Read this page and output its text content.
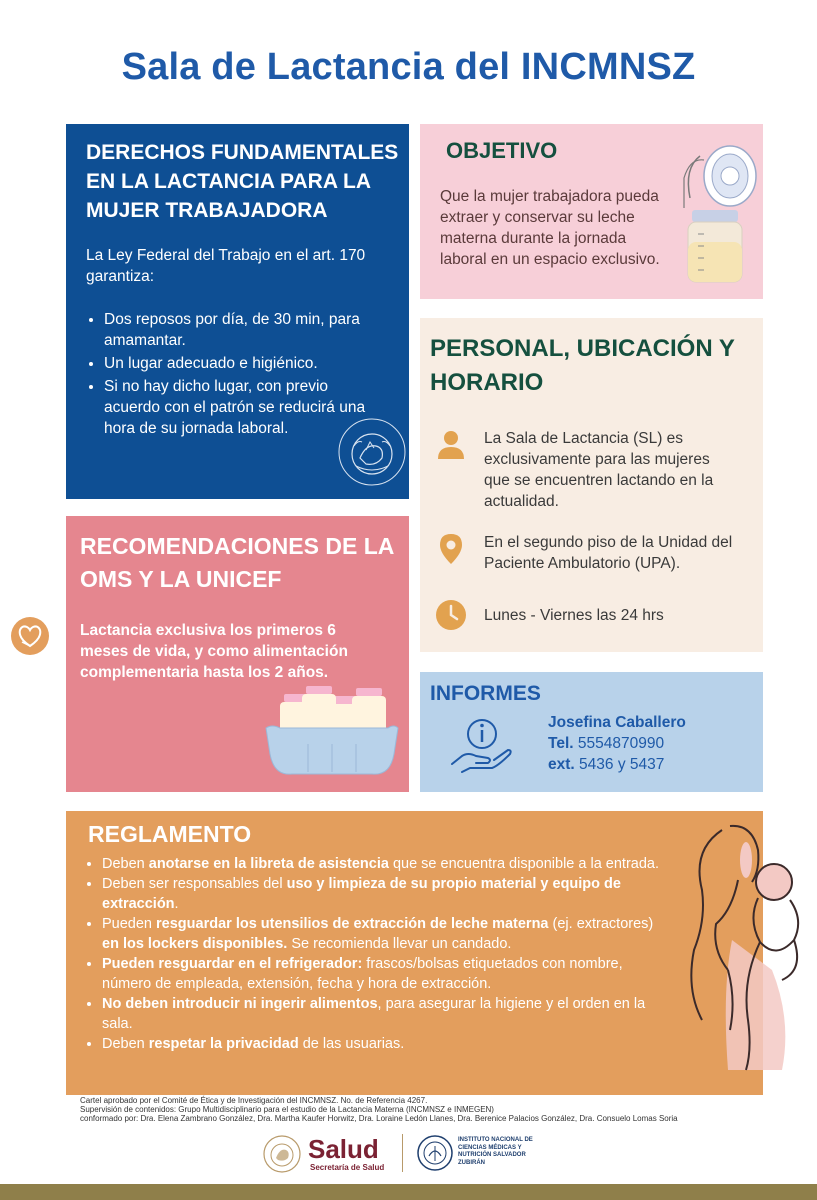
Sala de Lactancia del INCMNSZ
DERECHOS FUNDAMENTALES EN LA LACTANCIA PARA LA MUJER TRABAJADORA
La Ley Federal del Trabajo en el art. 170 garantiza:
• Dos reposos por día, de 30 min, para amamantar.
• Un lugar adecuado e higiénico.
• Si no hay dicho lugar, con previo acuerdo con el patrón se reducirá una hora de su jornada laboral.
OBJETIVO
Que la mujer trabajadora pueda extraer y conservar su leche materna durante la jornada laboral en un espacio exclusivo.
PERSONAL, UBICACIÓN Y HORARIO
La Sala de Lactancia (SL) es exclusivamente para las mujeres que se encuentren lactando en la actualidad.
En el segundo piso de la Unidad del Paciente Ambulatorio (UPA).
Lunes - Viernes las 24 hrs
RECOMENDACIONES DE LA OMS Y LA UNICEF
Lactancia exclusiva los primeros 6 meses de vida, y como alimentación complementaria hasta los 2 años.
INFORMES
Josefina Caballero
Tel. 5554870990
ext. 5436 y 5437
REGLAMENTO
• Deben anotarse en la libreta de asistencia que se encuentra disponible a la entrada.
• Deben ser responsables del uso y limpieza de su propio material y equipo de extracción.
• Pueden resguardar los utensilios de extracción de leche materna (ej. extractores) en los lockers disponibles. Se recomienda llevar un candado.
• Pueden resguardar en el refrigerador: frascos/bolsas etiquetados con nombre, número de empleada, extensión, fecha y hora de extracción.
• No deben introducir ni ingerir alimentos, para asegurar la higiene y el orden en la sala.
• Deben respetar la privacidad de las usuarias.
Cartel aprobado por el Comité de Ética y de Investigación del INCMNSZ. No. de Referencia 4267.
Supervisión de contenidos: Grupo Multidisciplinario para el estudio de la Lactancia Materna (INCMNSZ e INMEGEN)
conformado por: Dra. Elena Zambrano González, Dra. Martha Kaufer Horwitz, Dra. Loraine Ledón Llanes, Dra. Berenice Palacios González, Dra. Consuelo Lomas Soria
Salud
Secretaría de Salud
INSTITUTO NACIONAL DE CIENCIAS MÉDICAS Y NUTRICIÓN SALVADOR ZUBIRÁN
